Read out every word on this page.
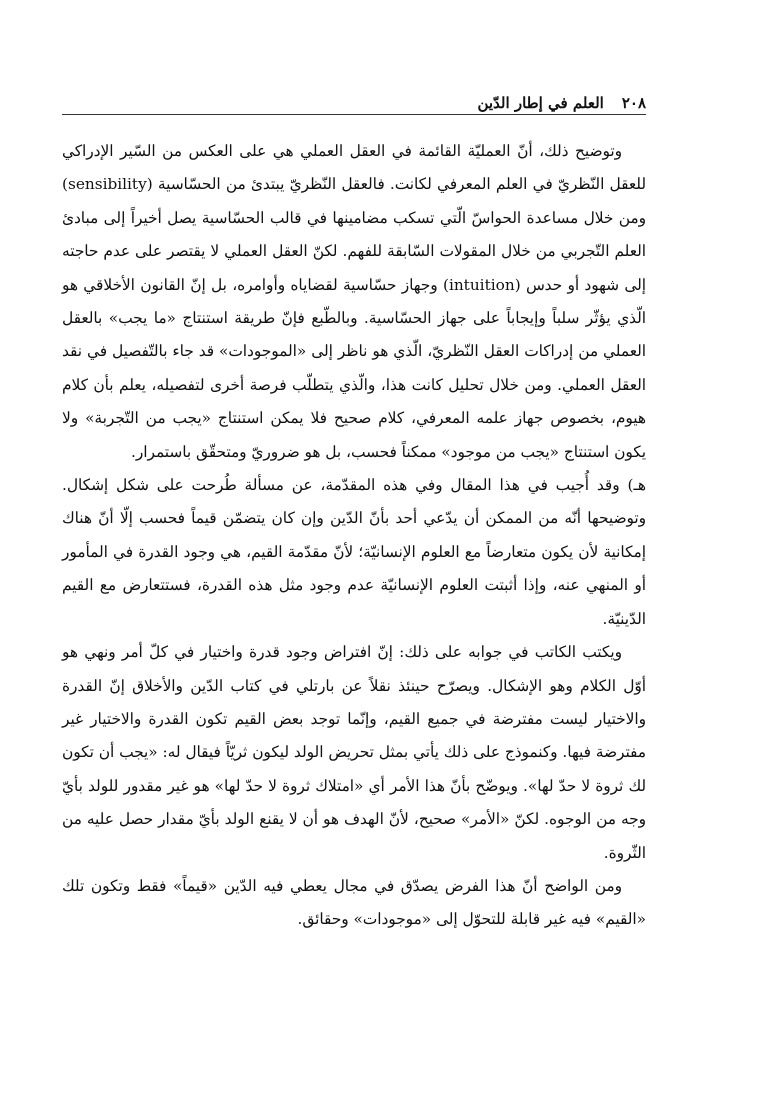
٢٠٨
العلم في إطار الدّين

وتوضيح ذلك، أنّ العمليّة القائمة في العقل العملي هي على العكس من السّير الإدراكي للعقل النّظريّ في العلم المعرفي لكانت. فالعقل النّظريّ يبتدئ من الحسّاسية (sensibility) ومن خلال مساعدة الحواسّ الّتي تسكب مضامينها في قالب الحسّاسية يصل أخيراً إلى مبادئ العلم التّجربي من خلال المقولات السّابقة للفهم. لكنّ العقل العملي لا يقتصر على عدم حاجته إلى شهود أو حدس (intuition) وجهاز حسّاسية لقضاياه وأوامره، بل إنّ القانون الأخلاقي هو الّذي يؤثّر سلباً وإيجاباً على جهاز الحسّاسية. وبالطّبع فإنّ طريقة استنتاج «ما يجب» بالعقل العملي من إدراكات العقل النّظريّ، الّذي هو ناظر إلى «الموجودات» قد جاء بالتّفصيل في نقد العقل العملي. ومن خلال تحليل كانت هذا، والّذي يتطلّب فرصة أخرى لتفصيله، يعلم بأن كلام هيوم، بخصوص جهاز علمه المعرفي، كلام صحيح فلا يمكن استنتاج «يجب من التّجربة» ولا يكون استنتاج «يجب من موجود» ممكناً فحسب، بل هو ضروريّ ومتحقّق باستمرار.

هـ) وقد أُجيب في هذا المقال وفي هذه المقدّمة، عن مسألة طُرحت على شكل إشكال. وتوضيحها أنّه من الممكن أن يدّعي أحد بأنّ الدّين وإن كان يتضمّن قيماً فحسب إلّا أنّ هناك إمكانية لأن يكون متعارضاً مع العلوم الإنسانيّة؛ لأنّ مقدّمة القيم، هي وجود القدرة في المأمور أو المنهي عنه، وإذا أثبتت العلوم الإنسانيّة عدم وجود مثل هذه القدرة، فستتعارض مع القيم الدّينيّة.

ويكتب الكاتب في جوابه على ذلك: إنّ افتراض وجود قدرة واختيار في كلّ أمر ونهي هو أوّل الكلام وهو الإشكال. ويصرّح حينئذ نقلاً عن بارتلي في كتاب الدّين والأخلاق إنّ القدرة والاختيار ليست مفترضة في جميع القيم، وإنّما توجد بعض القيم تكون القدرة والاختيار غير مفترضة فيها. وكنموذج على ذلك يأتي بمثل تحريض الولد ليكون ثريّاً فيقال له: «يجب أن تكون لك ثروة لا حدّ لها». ويوضّح بأنّ هذا الأمر أي «امتلاك ثروة لا حدّ لها» هو غير مقدور للولد بأيّ وجه من الوجوه. لكنّ «الأمر» صحيح، لأنّ الهدف هو أن لا يقنع الولد بأيّ مقدار حصل عليه من الثّروة.

ومن الواضح أنّ هذا الفرض يصدّق في مجال يعطي فيه الدّين «قيماً» فقط وتكون تلك «القيم» فيه غير قابلة للتحوّل إلى «موجودات» وحقائق.
